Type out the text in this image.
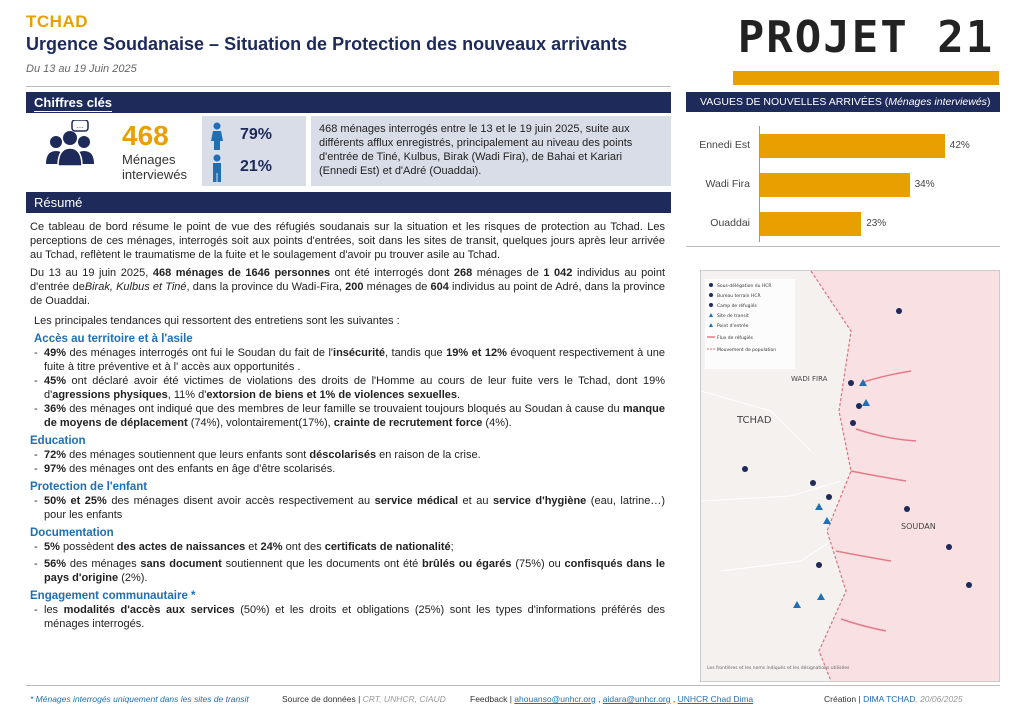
TCHAD
Urgence Soudanaise – Situation de Protection des nouveaux arrivants
Du 13 au 19 Juin 2025
PROJET 21
Chiffres clés
... 468
Ménages interviewés
79%
21%
468 ménages interrogés entre le 13 et le 19 juin 2025, suite aux différents afflux enregistrés, principalement au niveau des points d'entrée de Tiné, Kulbus, Birak (Wadi Fira), de Bahai et Kariari (Ennedi Est) et d'Adré (Ouaddai).
Résumé

Ce tableau de bord résume le point de vue des réfugiés soudanais sur la situation et les risques de protection au Tchad. Les perceptions de ces ménages, interrogés soit aux points d'entrées, soit dans les sites de transit, quelques jours après leur arrivée au Tchad, reflètent le traumatisme de la fuite et le soulagement d'avoir pu trouver asile au Tchad.

Du 13 au 19 juin 2025, 468 ménages de 1646 personnes ont été interrogés dont 268 ménages de 1 042 individus au point d'entrée deBirak, Kulbus et Tiné, dans la province du Wadi-Fira, 200 ménages de 604 individus au point de Adré, dans la province de Ouaddai.

Les principales tendances qui ressortent des entretiens sont les suivantes :

Accès au territoire et à l'asile
- 49% des ménages interrogés ont fui le Soudan du fait de l'insécurité, tandis que 19% et 12% évoquent respectivement à une fuite à titre préventive et à l' accès aux opportunités .
- 45% ont déclaré avoir été victimes de violations des droits de l'Homme au cours de leur fuite vers le Tchad, dont 19% d'agressions physiques, 11% d'extorsion de biens et 1% de violences sexuelles.
- 36% des ménages ont indiqué que des membres de leur famille se trouvaient toujours bloqués au Soudan à cause du manque de moyens de déplacement (74%), volontairement(17%), crainte de recrutement force (4%).
Education
- 72% des ménages soutiennent que leurs enfants sont déscolarisés en raison de la crise.
- 97% des ménages ont des enfants en âge d'être scolarisés.
Protection de l'enfant
- 50% et 25% des ménages disent avoir accès respectivement au service médical et au service d'hygiène (eau, latrine…) pour les enfants
Documentation
- 5% possèdent des actes de naissances et 24% ont des certificats de nationalité;
- 56% des ménages sans document soutiennent que les documents ont été brûlés ou égarés (75%) ou confisqués dans le pays d'origine (2%).
Engagement communautaire *
- les modalités d'accès aux services (50%) et les droits et obligations (25%) sont les types d'informations préférés des ménages interrogés.
VAGUES DE NOUVELLES ARRIVÉES (Ménages interviewés)
Ennedi Est	42%
Wadi Fira	34%
Ouaddai	23%
TCHAD
SOUDAN
WADI FIRA
Les frontières et les noms indiqués et les désignations utilisées
Sous-délégation du HCR
Bureau terrain HCR
Camp de réfugiés
Site de transit
Point d'entrée
Flux de réfugiés
Mouvement de population
* Ménages interrogés uniquement dans les sites de transit	Source de données | CRT, UNHCR, CIAUD	Feedback | ahouanso@unhcr.org , aidara@unhcr.org , UNHCR Chad Dima	Création | DIMA TCHAD, 20/06/2025
